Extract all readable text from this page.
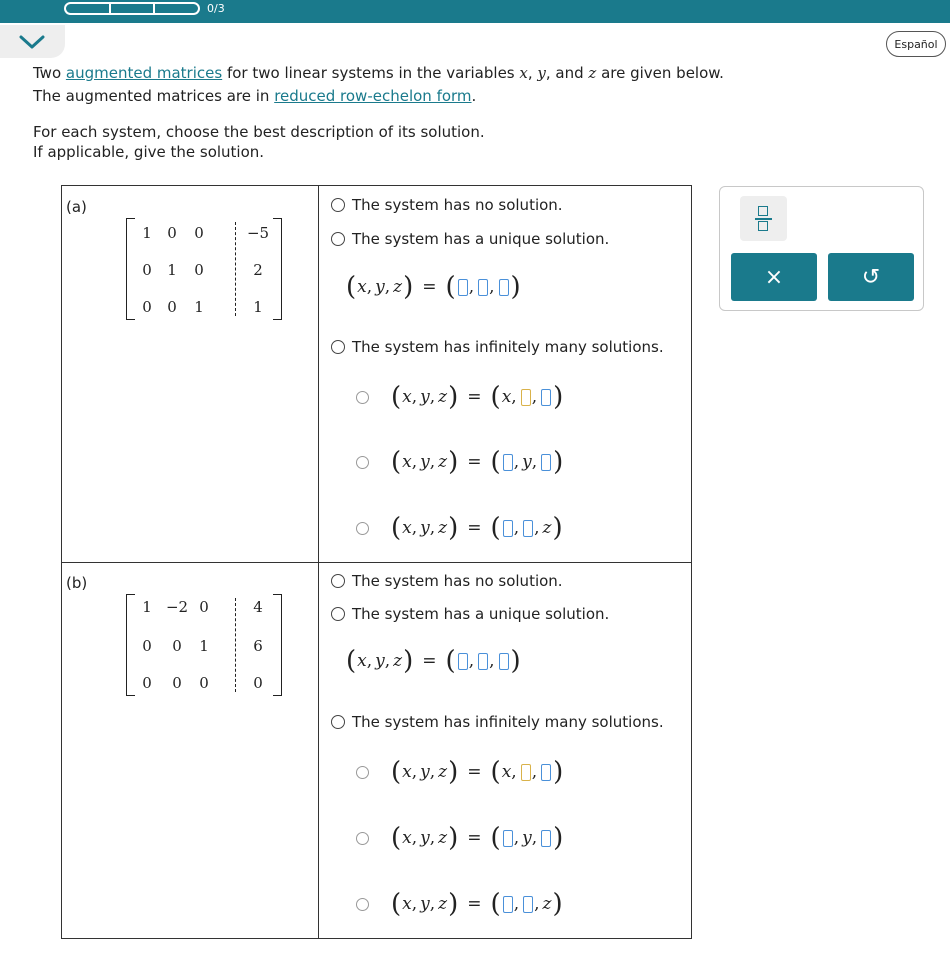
0/3
Español
Two augmented matrices for two linear systems in the variables x, y, and z are given below.
The augmented matrices are in reduced row-echelon form.
For each system, choose the best description of its solution.
If applicable, give the solution.
(a)
1	0	0	−5
0	1	0	2
0	0	1	1
The system has no solution.
The system has a unique solution.
( x , y , z ) = ( , , )
The system has infinitely many solutions.
( x , y , z ) = ( x , , )
( x , y , z ) = ( , y , )
( x , y , z ) = ( , , z )
(b)
1 −2 0	4
0	0	1	6
0	0	0	0
The system has no solution.
The system has a unique solution.
( x , y , z ) = ( , , )
The system has infinitely many solutions.
( x , y , z ) = ( x , , )
( x , y , z ) = ( , y , )
( x , y , z ) = ( , , z )
×	↺
